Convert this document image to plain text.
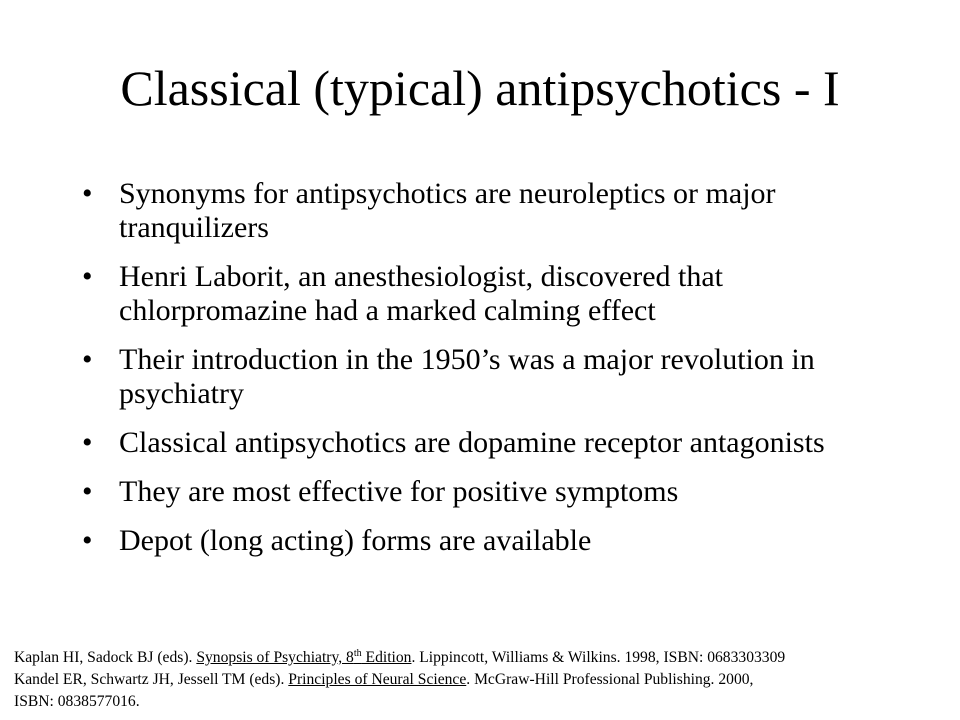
Classical (typical) antipsychotics - I
• Synonyms for antipsychotics are neuroleptics or major tranquilizers
• Henri Laborit, an anesthesiologist, discovered that chlorpromazine had a marked calming effect
• Their introduction in the 1950’s was a major revolution in psychiatry
• Classical antipsychotics are dopamine receptor antagonists
• They are most effective for positive symptoms
• Depot (long acting) forms are available
Kaplan HI, Sadock BJ (eds). Synopsis of Psychiatry, 8th Edition. Lippincott, Williams & Wilkins. 1998, ISBN: 0683303309
Kandel ER, Schwartz JH, Jessell TM (eds). Principles of Neural Science. McGraw-Hill Professional Publishing. 2000,
ISBN: 0838577016.
